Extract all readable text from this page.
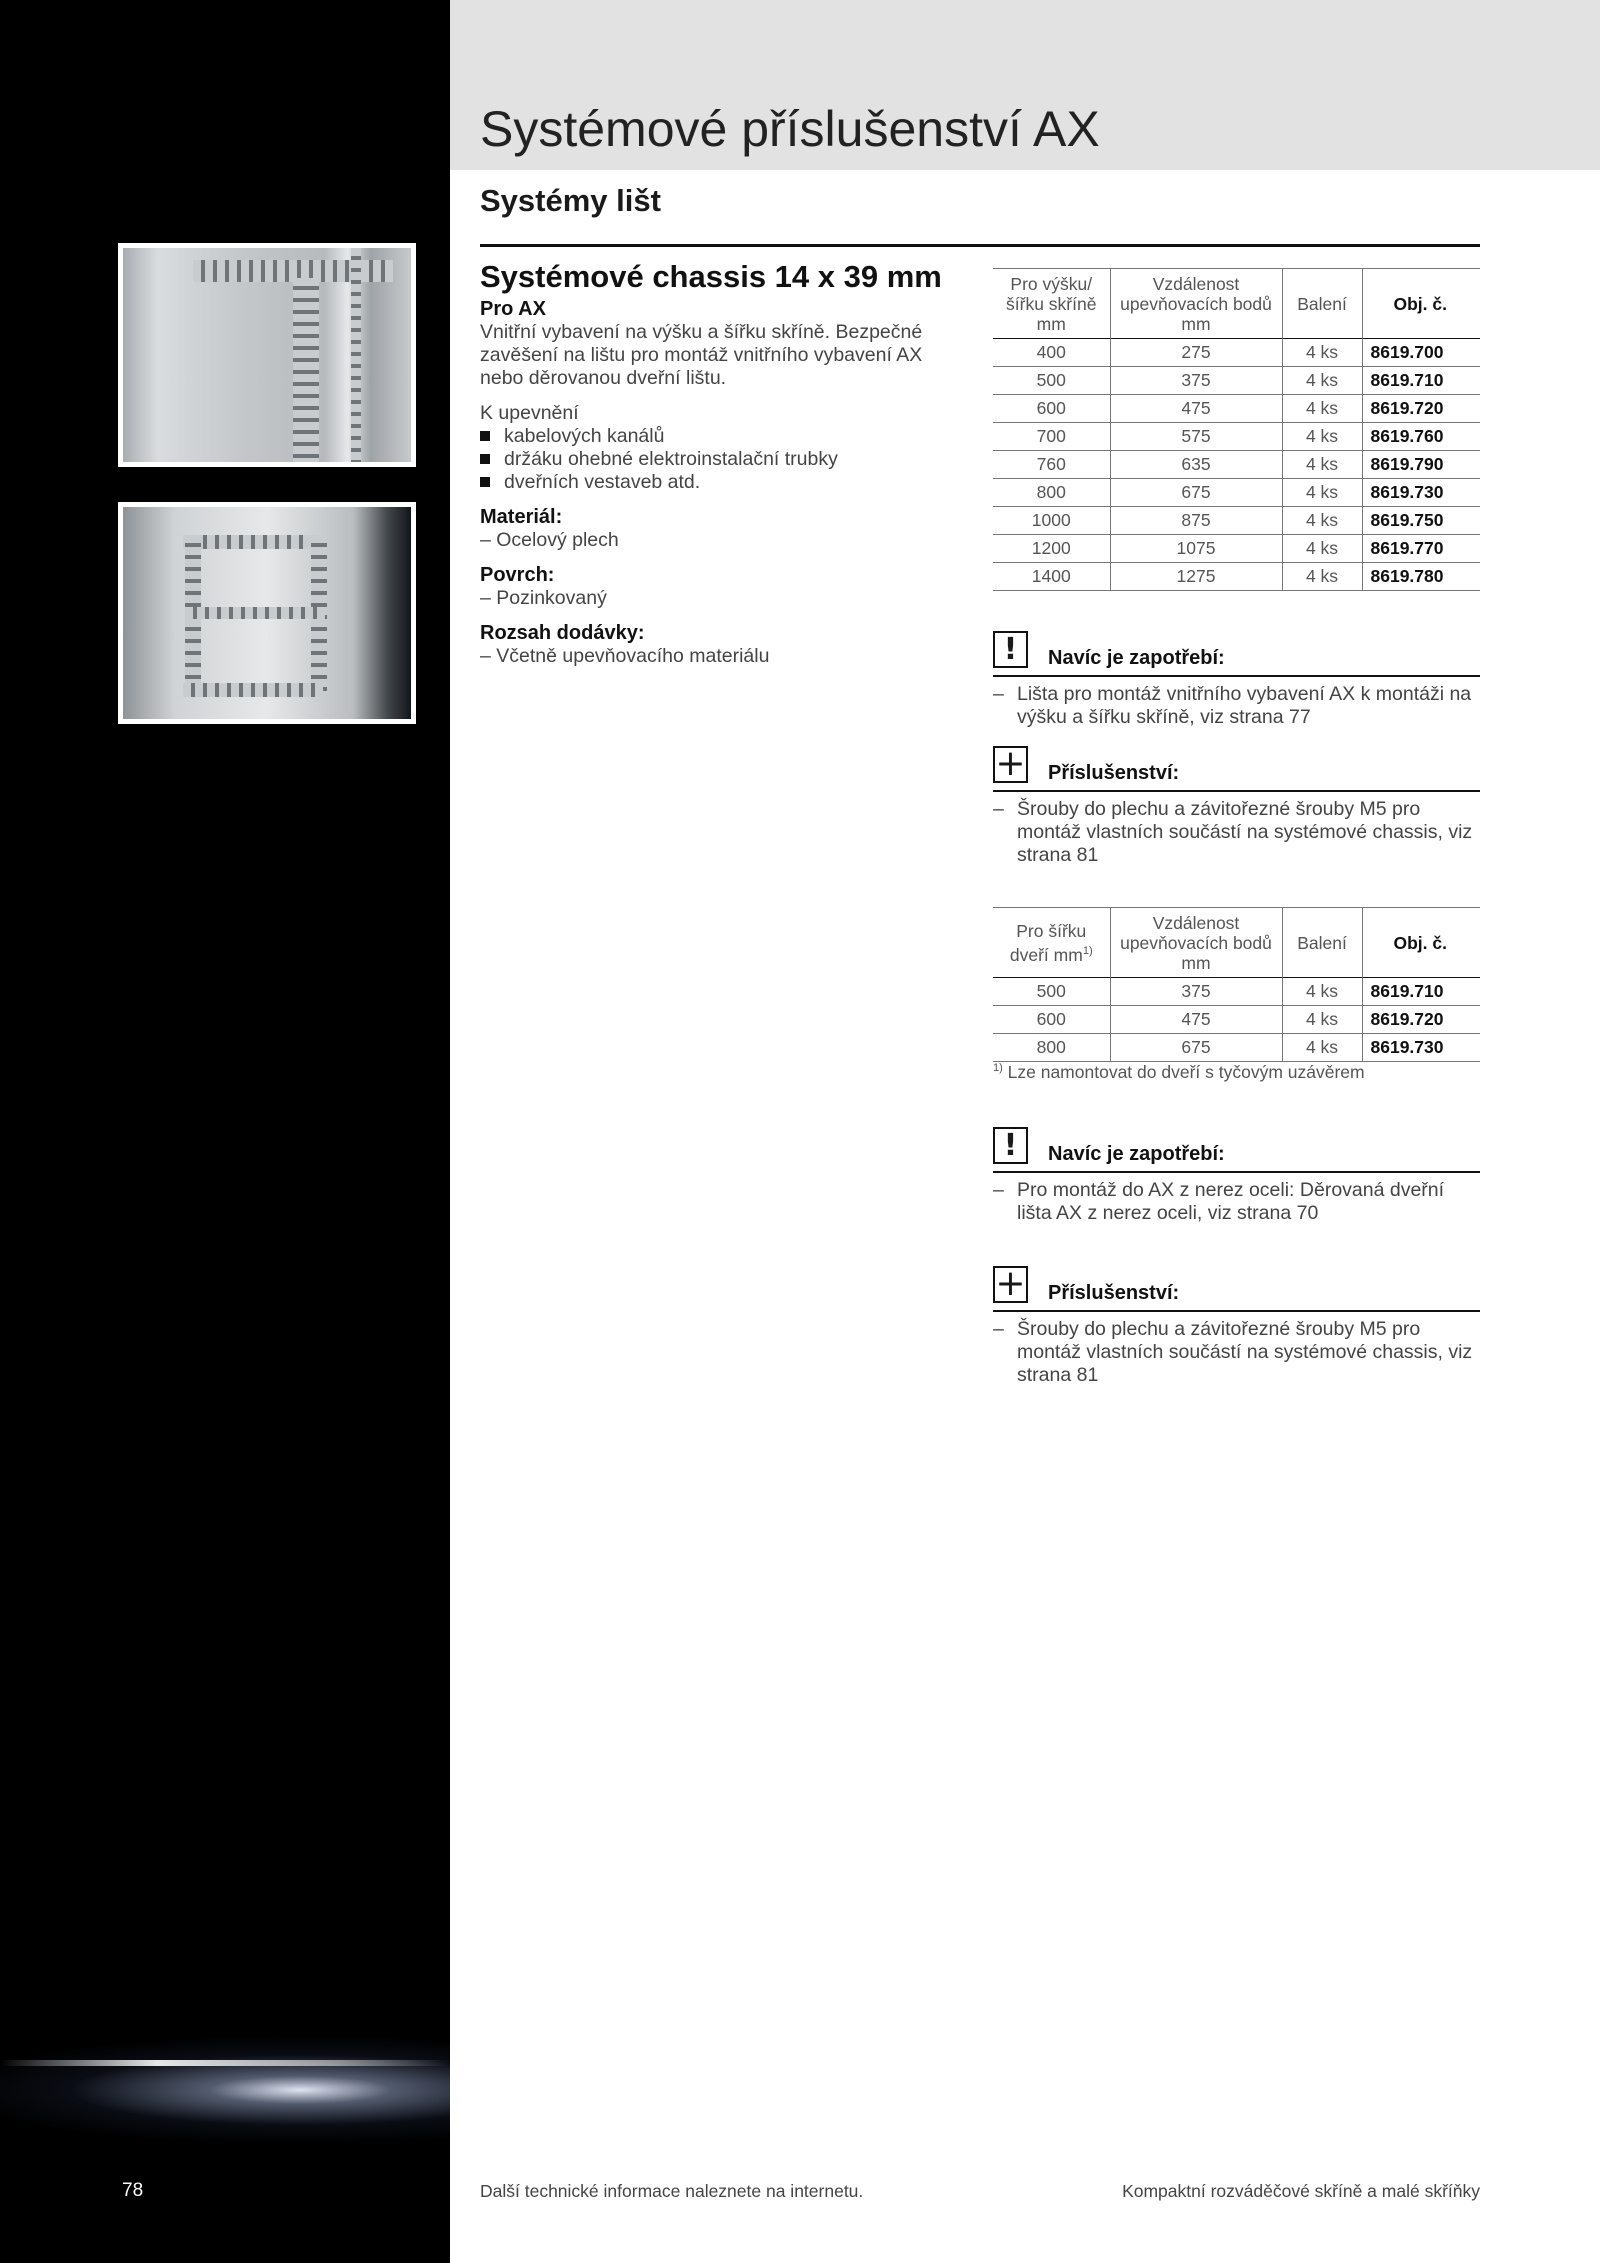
78
Systémové příslušenství AX
Systémy lišt
Systémové chassis 14 x 39 mm

Pro AX

Vnitřní vybavení na výšku a šířku skříně. Bezpečné zavěšení na lištu pro montáž vnitřního vybavení AX nebo děrovanou dveřní lištu.

K upevnění

kabelových kanálů

držáku ohebné elektroinstalační trubky

dveřních vestaveb atd.

Materiál:

– Ocelový plech

Povrch:

– Pozinkovaný

Rozsah dodávky:

– Včetně upevňovacího materiálu

Pro výšku/ šířku skříně mm	Vzdálenost upevňovacích bodů mm	Balení	Obj. č.
400	275	4 ks	8619.700
500	375	4 ks	8619.710
600	475	4 ks	8619.720
700	575	4 ks	8619.760
760	635	4 ks	8619.790
800	675	4 ks	8619.730
1000	875	4 ks	8619.750
1200	1075	4 ks	8619.770
1400	1275	4 ks	8619.780
!	Navíc je zapotřebí:
– Lišta pro montáž vnitřního vybavení AX k montáži na výšku a šířku skříně, viz strana 77
+ Příslušenství:
– Šrouby do plechu a závitořezné šrouby M5 pro montáž vlastních součástí na systémové chassis, viz strana 81
Pro šířku dveří $mm^{1)}$	Vzdálenost upevňovacích bodů mm	Balení	Obj. č.
500	375	4 ks	8619.710
600	475	4 ks	8619.720
800	675	4 ks	8619.730
$^{1)}$ Lze namontovat do dveří s tyčovým uzávěrem
!	Navíc je zapotřebí:
– Pro montáž do AX z nerez oceli: Děrovaná dveřní lišta AX z nerez oceli, viz strana 70
+ Příslušenství:
– Šrouby do plechu a závitořezné šrouby M5 pro montáž vlastních součástí na systémové chassis, viz strana 81
Další technické informace naleznete na internetu.	Kompaktní rozváděčové skříně a malé skříňky
